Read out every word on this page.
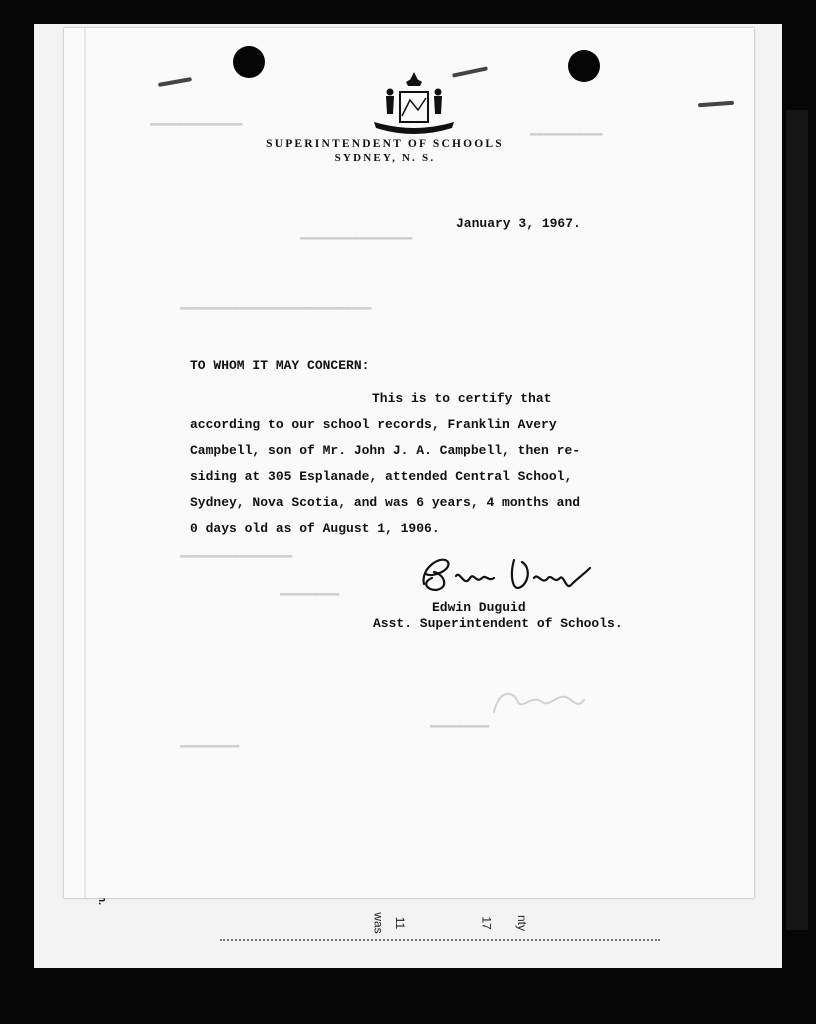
was 11	17 nty
▬▬▬▬▬▬▬▬▬▬▬▬▬▬
▬▬▬▬▬▬▬▬▬▬▬
▬▬▬▬▬▬▬▬▬▬▬▬▬▬▬▬▬
▬▬▬▬▬▬▬▬▬▬▬▬▬▬▬▬▬▬▬▬▬▬▬▬▬▬▬▬▬
▬▬▬▬▬▬▬▬▬▬▬▬▬▬▬▬▬
▬▬▬▬▬▬▬▬▬
▬▬▬▬▬▬▬▬▬
▬▬▬▬▬▬▬▬▬
SUPERINTENDENT OF SCHOOLS
SYDNEY, N. S.
January 3, 1967.
TO WHOM IT MAY CONCERN:
This is to certify that
according to our school records, Franklin Avery
Campbell, son of Mr. John J. A. Campbell, then re-
siding at 305 Esplanade, attended Central School,
Sydney, Nova Scotia, and was 6 years, 4 months and
0 days old as of August 1, 1906.
Edwin Duguid
Asst. Superintendent of Schools.
